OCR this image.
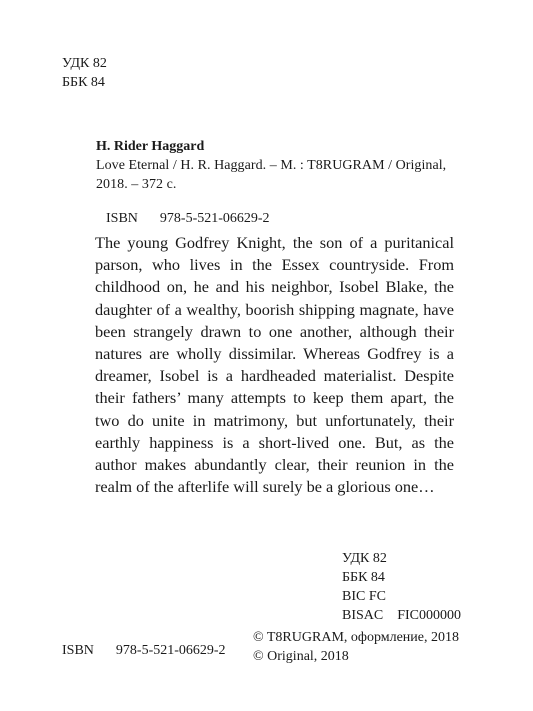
УДК 82
ББК 84
H. Rider Haggard
Love Eternal / H. R. Haggard. – M. : T8RUGRAM / Original,
2018. – 372 c.
ISBN 978-5-521-06629-2
The young Godfrey Knight, the son of a puritanical parson, who lives in the Essex countryside. From childhood on, he and his neighbor, Isobel Blake, the daughter of a wealthy, boorish shipping magnate, have been strangely drawn to one another, although their natures are wholly dissimilar. Whereas Godfrey is a dreamer, Isobel is a hardheaded materialist. Despite their fathers’ many attempts to keep them apart, the two do unite in matrimony, but unfortunately, their earthly happiness is a short-lived one. But, as the author makes abundantly clear, their reunion in the realm of the afterlife will surely be a glorious one…
УДК 82
ББК 84
BIC FC
BISAC FIC000000
© T8RUGRAM, оформление, 2018
© Original, 2018
ISBN 978-5-521-06629-2
